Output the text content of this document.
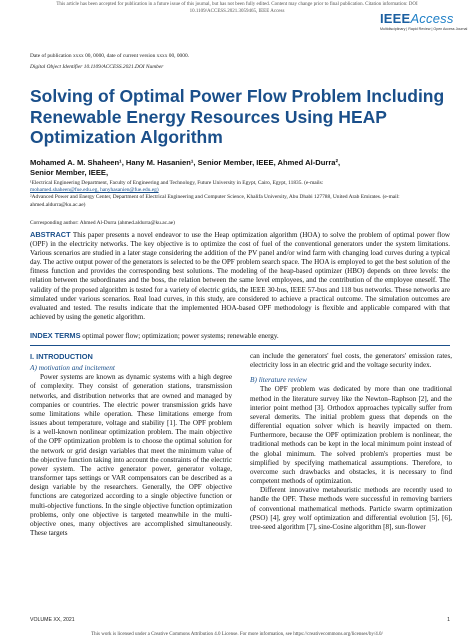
This article has been accepted for publication in a future issue of this journal, but has not been fully edited. Content may change prior to final publication. Citation information: DOI
10.1109/ACCESS.2021.3059465, IEEE Access	IEEEAccess
Multidisciplinary | Rapid Review | Open Access Journal
Date of publication xxxx 00, 0000, date of current version xxxx 00, 0000.
Digital Object Identifier 10.1109/ACCESS.2021.DOI Number
Solving of Optimal Power Flow Problem Including Renewable Energy Resources Using HEAP Optimization Algorithm
Mohamed A. M. Shaheen¹, Hany M. Hasanien¹, Senior Member, IEEE, Ahmed Al-Durra²,
Senior Member, IEEE,
¹Electrical Engineering Department, Faculty of Engineering and Technology, Future University in Egypt, Cairo, Egypt, 11835. (e-mails:
mohamed.shaheen@fue.edu.eg, hanyhasanien@fue.edu.eg)
²Advanced Power and Energy Center, Department of Electrical Engineering and Computer Science, Khalifa University, Abu Dhabi 127788, United Arab Emirates. (e-mail: ahmed.aldurra@ku.ac.ae)
Corresponding author: Ahmed Al-Durra (ahmed.aldurra@ku.ac.ae)
ABSTRACT This paper presents a novel endeavor to use the Heap optimization algorithm (HOA) to solve the problem of optimal power flow (OPF) in the electricity networks. The key objective is to optimize the cost of fuel of the conventional generators under the system limitations. Various scenarios are studied in a later stage considering the addition of the PV panel and/or wind farm with changing load curves during a typical day. The active output power of the generators is selected to be the OPF problem search space. The HOA is employed to get the best solution of the fitness function and provides the corresponding best solutions. The modeling of the heap-based optimizer (HBO) depends on three levels: the relation between the subordinates and the boss, the relation between the same level employees, and the contribution of the employee oneself. The validity of the proposed algorithm is tested for a variety of electric grids, the IEEE 30-bus, IEEE 57-bus and 118 bus networks. These networks are simulated under various scenarios. Real load curves, in this study, are considered to achieve a practical outcome. The simulation outcomes are evaluated and tested. The results indicate that the implemented HOA-based OPF methodology is flexible and applicable compared with that achieved by using the genetic algorithm.
INDEX TERMS optimal power flow; optimization; power systems; renewable energy.
I. INTRODUCTION
A) motivation and incitement

Power systems are known as dynamic systems with a high degree of complexity. They consist of generation stations, transmission networks, and distribution networks that are owned and managed by companies or countries. The electric power transmission grids have some limitations while operation. These limitations emerge from issues about temperature, voltage and stability [1]. The OPF problem is a well-known nonlinear optimization problem. The main objective of the OPF optimization problem is to choose the optimal solution for the network or grid design variables that meet the minimum value of the objective function taking into account the constraints of the electric power system. The active generator power, generator voltage, transformer taps settings or VAR compensators can be described as a design variable by the researchers. Generally, the OPF objective functions are categorized according to a single objective function or multi-objective functions. In the single objective function optimization problems, only one objective is targeted meanwhile in the multi-objective ones, many objectives are accomplished simultaneously. These targets

can include the generators' fuel costs, the generators' emission rates, electricity loss in an electric grid and the voltage security index.

B) literature review

The OPF problem was dedicated by more than one traditional method in the literature survey like the Newton–Raphson [2], and the interior point method [3]. Orthodox approaches typically suffer from several demerits. The initial problem guess that depends on the differential equation solver which is heavily impacted on them. Furthermore, because the OPF optimization problem is nonlinear, the traditional methods can be kept in the local minimum point instead of the global minimum. The solved problem's properties must be simplified by specifying mathematical assumptions. Therefore, to overcome such drawbacks and obstacles, it is necessary to find competent methods of optimization.

Different innovative metaheuristic methods are recently used to handle the OPF. These methods were successful in removing barriers of conventional mathematical methods. Particle swarm optimization (PSO) [4], grey wolf optimization and differential evolution [5], [6], tree-seed algorithm [7], sine-Cosine algorithm [8], sun-flower

VOLUME XX, 2021	1
This work is licensed under a Creative Commons Attribution 4.0 License. For more information, see https://creativecommons.org/licenses/by/4.0/
